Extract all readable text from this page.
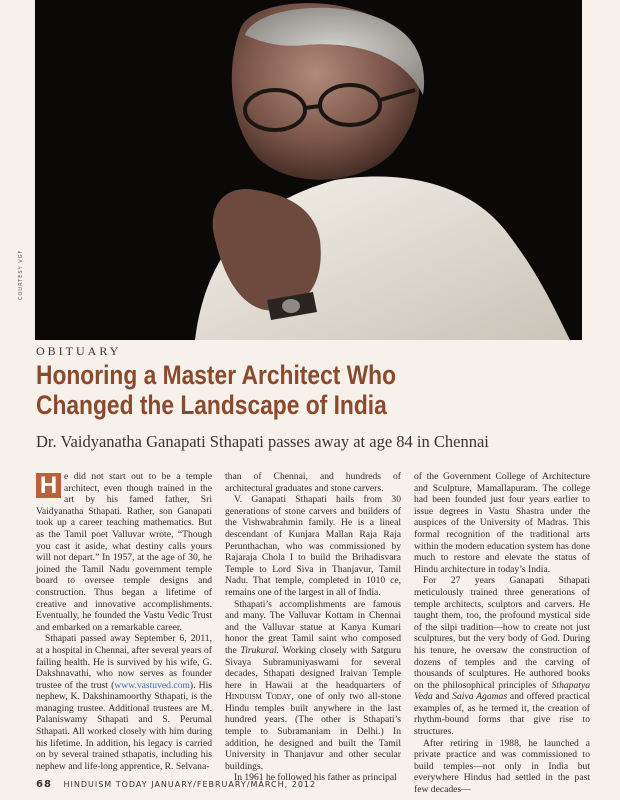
COURTESY VGF
OBITUARY
Honoring a Master Architect Who
Changed the Landscape of India
Dr. Vaidyanatha Ganapati Sthapati passes away at age 84 in Chennai

H e did not start out to be a temple architect, even though trained in the art by his famed father, Sri Vaidyanatha Sthapati. Rather, son Ganapati took up a career teaching mathematics. But as the Tamil poet Valluvar wrote, “Though you cast it aside, what destiny calls yours will not depart.” In 1957, at the age of 30, he joined the Tamil Nadu government temple board to oversee temple designs and construction. Thus began a lifetime of creative and innovative accomplishments. Eventually, he founded the Vastu Vedic Trust and embarked on a remarkable career.

Sthapati passed away September 6, 2011, at a hospital in Chennai, after several years of failing health. He is survived by his wife, G. Dakshnavathi, who now serves as founder trustee of the trust (www.vastuved.com). His nephew, K. Dakshinamoorthy Sthapati, is the managing trustee. Additional trustees are M. Palaniswamy Sthapati and S. Perumal Sthapati. All worked closely with him during his lifetime. In addition, his legacy is carried on by several trained sthapatis, including his nephew and life-long apprentice, R. Selvana-

than of Chennai, and hundreds of architectural graduates and stone carvers.

V. Ganapati Sthapati hails from 30 generations of stone carvers and builders of the Vishwabrahmin family. He is a lineal descendant of Kunjara Mallan Raja Raja Perunthachan, who was commissioned by Rajaraja Chola I to build the Brihadisvara Temple to Lord Siva in Thanjavur, Tamil Nadu. That temple, completed in 1010 ce, remains one of the largest in all of India.

Sthapati’s accomplishments are famous and many. The Valluvar Kottam in Chennai and the Valluvar statue at Kanya Kumari honor the great Tamil saint who composed the Tirukural. Working closely with Satguru Sivaya Subramuniyaswami for several decades, Sthapati designed Iraivan Temple here in Hawaii at the headquarters of Hinduism Today, one of only two all-stone Hindu temples built anywhere in the last hundred years. (The other is Sthapati’s temple to Subramaniam in Delhi.) In addition, he designed and built the Tamil University in Thanjavur and other secular buildings.

In 1961 he followed his father as principal

of the Government College of Architecture and Sculpture, Mamallapuram. The college had been founded just four years earlier to issue degrees in Vastu Shastra under the auspices of the University of Madras. This formal recognition of the traditional arts within the modern education system has done much to restore and elevate the status of Hindu architecture in today’s India.

For 27 years Ganapati Sthapati meticulously trained three generations of temple architects, sculptors and carvers. He taught them, too, the profound mystical side of the silpi tradition—how to create not just sculptures, but the very body of God. During his tenure, he oversaw the construction of dozens of temples and the carving of thousands of sculptures. He authored books on the philosophical principles of Sthapatya Veda and Saiva Agamas and offered practical examples of, as he termed it, the creation of rhythm-bound forms that give rise to structures.

After retiring in 1988, he launched a private practice and was commissioned to build temples—not only in India but everywhere Hindus had settled in the past few decades—

68 HINDUISM TODAY JANUARY/FEBRUARY/MARCH, 2012
